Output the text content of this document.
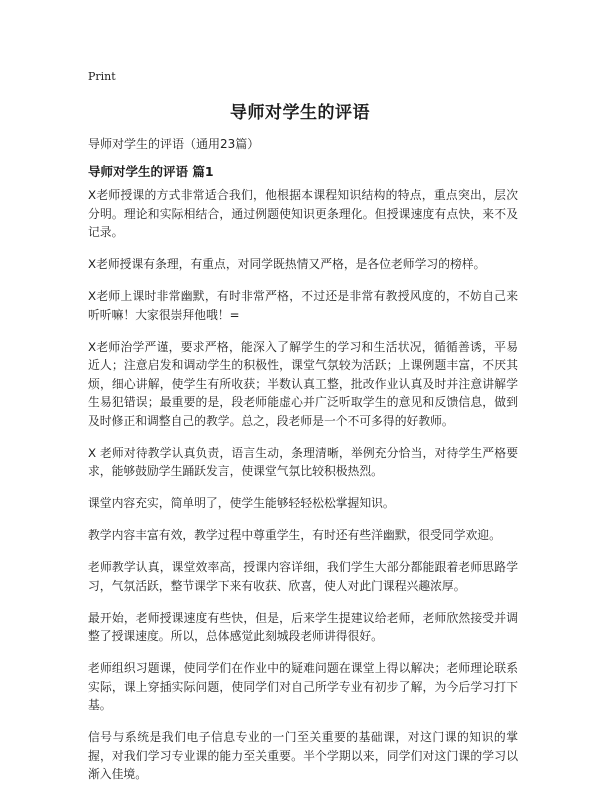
Print

导师对学生的评语

导师对学生的评语（通用23篇）

导师对学生的评语 篇1

X老师授课的方式非常适合我们，他根据本课程知识结构的特点，重点突出，层次分明。理论和实际相结合，通过例题使知识更条理化。但授课速度有点快，来不及记录。

X老师授课有条理，有重点，对同学既热情又严格，是各位老师学习的榜样。

X老师上课时非常幽默，有时非常严格，不过还是非常有教授风度的，不妨自己来听听嘛！大家很崇拜他哦！=

X老师治学严谨，要求严格，能深入了解学生的学习和生活状况，循循善诱，平易近人；注意启发和调动学生的积极性，课堂气氛较为活跃；上课例题丰富，不厌其烦，细心讲解，使学生有所收获；半数认真工整，批改作业认真及时并注意讲解学生易犯错误；最重要的是，段老师能虚心并广泛听取学生的意见和反馈信息，做到及时修正和调整自己的教学。总之，段老师是一个不可多得的好教师。

X 老师对待教学认真负责，语言生动，条理清晰，举例充分恰当，对待学生严格要求，能够鼓励学生踊跃发言，使课堂气氛比较积极热烈。

课堂内容充实，简单明了，使学生能够轻轻松松掌握知识。

教学内容丰富有效，教学过程中尊重学生，有时还有些洋幽默，很受同学欢迎。

老师教学认真，课堂效率高，授课内容详细，我们学生大部分都能跟着老师思路学习，气氛活跃，整节课学下来有收获、欣喜，使人对此门课程兴趣浓厚。

最开始，老师授课速度有些快，但是，后来学生提建议给老师，老师欣然接受并调整了授课速度。所以，总体感觉此刻城段老师讲得很好。

老师组织习题课，使同学们在作业中的疑难问题在课堂上得以解决；老师理论联系实际，课上穿插实际问题，使同学们对自己所学专业有初步了解，为今后学习打下基。

信号与系统是我们电子信息专业的一门至关重要的基础课，对这门课的知识的掌握，对我们学习专业课的能力至关重要。半个学期以来，同学们对这门课的学习以渐入佳境。
